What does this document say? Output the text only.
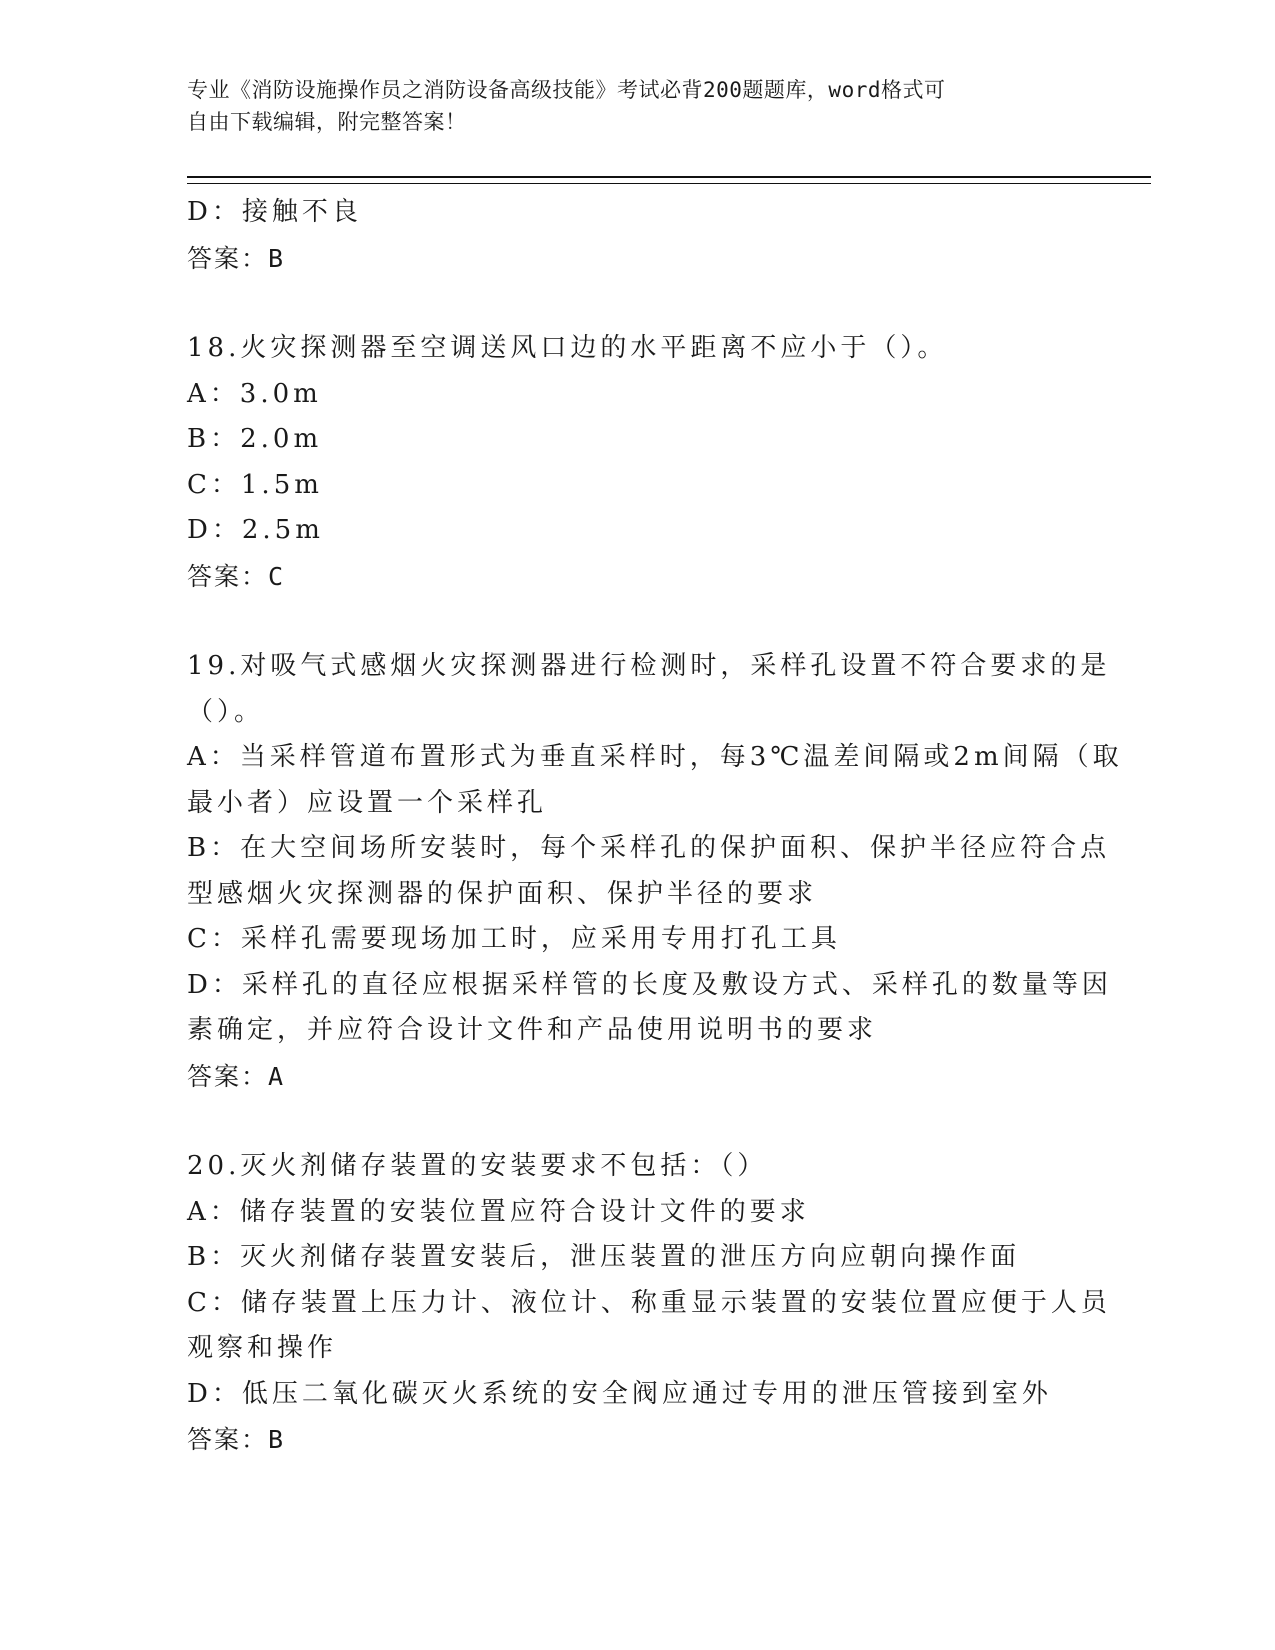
专业《消防设施操作员之消防设备高级技能》考试必背200题题库，word格式可
自由下载编辑，附完整答案！
D：接触不良
答案：B
18.火灾探测器至空调送风口边的水平距离不应小于（）。
A：3.0m
B：2.0m
C：1.5m
D：2.5m
答案：C
19.对吸气式感烟火灾探测器进行检测时，采样孔设置不符合要求的是
（）。
A：当采样管道布置形式为垂直采样时，每3℃温差间隔或2m间隔（取
最小者）应设置一个采样孔
B：在大空间场所安装时，每个采样孔的保护面积、保护半径应符合点
型感烟火灾探测器的保护面积、保护半径的要求
C：采样孔需要现场加工时，应采用专用打孔工具
D：采样孔的直径应根据采样管的长度及敷设方式、采样孔的数量等因
素确定，并应符合设计文件和产品使用说明书的要求
答案：A
20.灭火剂储存装置的安装要求不包括：（）
A：储存装置的安装位置应符合设计文件的要求
B：灭火剂储存装置安装后，泄压装置的泄压方向应朝向操作面
C：储存装置上压力计、液位计、称重显示装置的安装位置应便于人员
观察和操作
D：低压二氧化碳灭火系统的安全阀应通过专用的泄压管接到室外
答案：B
